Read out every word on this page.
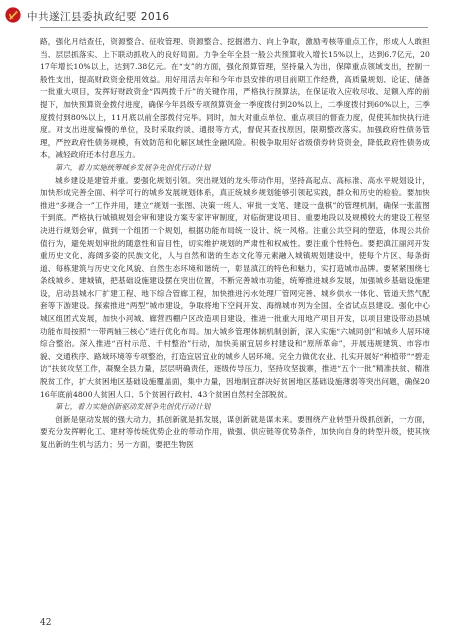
中共遂江县委执政纪要 2016

路，强化月结查任，资源整合、征收管理、资源整合、挖掘潜力、向上争取，激励考核等重点工作，形成人人敢担当、层层抓落实、上下联动抓收入的良好局面。力争全年全县一般公共预算收入增长15%以上，达到6.7亿元，2017年增长10%以上，达到7.38亿元。在“支”的方面，强化预算管理，坚持量入为出，保障重点领域支出，控制一般性支出，提高财政资金使用效益。用好用活去年和今年市县安排的项目前期工作经费，高质量规划、论证、储备一批重大项目，发挥好财政资金“四两拨千斤”的关键作用，严格执行预算法，在保证收入应收尽收、足额入库的前提下，加快预算资金拨付进度，确保今年县级专项预算资金一季度拨付到20%以上，二季度拨付到60%以上，三季度拨付到80%以上，11月底以前全部拨付完毕。同时，加大对重点单位、重点项目的督查力度，促使其加快执行进度。对支出进度偏慢的单位，及时采取约谈、通报等方式，督促其查找原因，限期整改落实。加强政府性债务管理，严控政府性债务规模，有效防范和化解区域性金融风险。积极争取用好省级债券转贷资金，降低政府性债务成本，减轻政府还本付息压力。

第六，着力实施统筹城乡发展争先创优行动计划

城乡建设是建管并重。要强化规划引领。突出规划的龙头带动作用，坚持高起点、高标准、高水平规划设计，加快形成完善全面、科学可行的城乡发展规划体系，真正统城乡规划能够引领起实践，群众和历史的检验。要加快推进“多规合一”工作并用，建立“规划一张图、决策一班人、审批一支笔、建设一盘棋”的管理机制，确保一张蓝图干到底。严格执行城镇规划会审和建设方案专家评审制度，对临街建设项目、重要地段以及规模较大的建设工程坚决进行规划会审，做到一个组团一个规划，根据功能布局统一设计、统一风格。注重公共空间的塑造，体现公共价值行为，避免规划审批的随意性和盲目性，切实维护规划的严肃性和权威性。要注重个性特色。要把滇江丽河开发重历史文化、海阔多姿的民族文化，人与自然和谐的生态文化等元素融入城镇规划建设中，使每个片区、每条街道、每栋建筑与历史文化风貌、自然生态环境和谐统一，彰显滇江的特色和魅力，实打造城市品牌。要紧紧围绕七条线城乡、建城镇，把基础设施建设摆在突出位置，不断完善城市功能，统筹推进城乡发展，加强城乡基础设施建设，启动县城水厂扩建工程、地下综合管廊工程，加快推进污水处理厂管网完善、城乡供水一体化、管道天然气配套等下游建设。探索推进“两型”城市建设，争取将地下空间开发、海绵城市列为全国、全省试点县建设。强化中心城区组团式发展，加快小河城、廊营西棚户区改造项目建设，推进一批重大用地产项目开发，以项目建设带动县城功能布局按照“一带两轴三核心”进行优化布局。加大城乡管理体制机制创新，深入实施“六城同创”和城乡人居环境综合整治。深入推进“百村示范、千村整治”行动，加快美丽宜居乡村建设和“原所革命”，开展违规建筑、市容市貌、交通秩序、路域环境等专项整治，打造宜居宜业的城乡人居环境。完全力做优农业、扎实开展好“种植带”“碧走访”扶贫攻坚工作，凝聚全县力量，层层明确责任，逐级传导压力，坚持攻坚拔寨，推进“五个一批”精准扶贫、精准脱贫工作，扩大贫困地区基础设施覆盖面，集中力量，因地制宜群决好贫困地区基础设施薄弱等突出问题，确保2016年底前4800人贫困人口、5个贫困行政村、43个贫困自然村全部脱贫。

第七，着力实施创新驱动发展争先创优行动计划

创新是驱动发展的强大动力，抓创新就是抓发展，谋创新就是谋未来。要围绕产业转型升级抓创新，一方面，要充分发挥孵化工、建材等传统优势企业的带动作用，做强、供应链等优势条件，加快向自身的转型升级，使其恢复出新的生机与活力；另一方面，要把生物医

42
